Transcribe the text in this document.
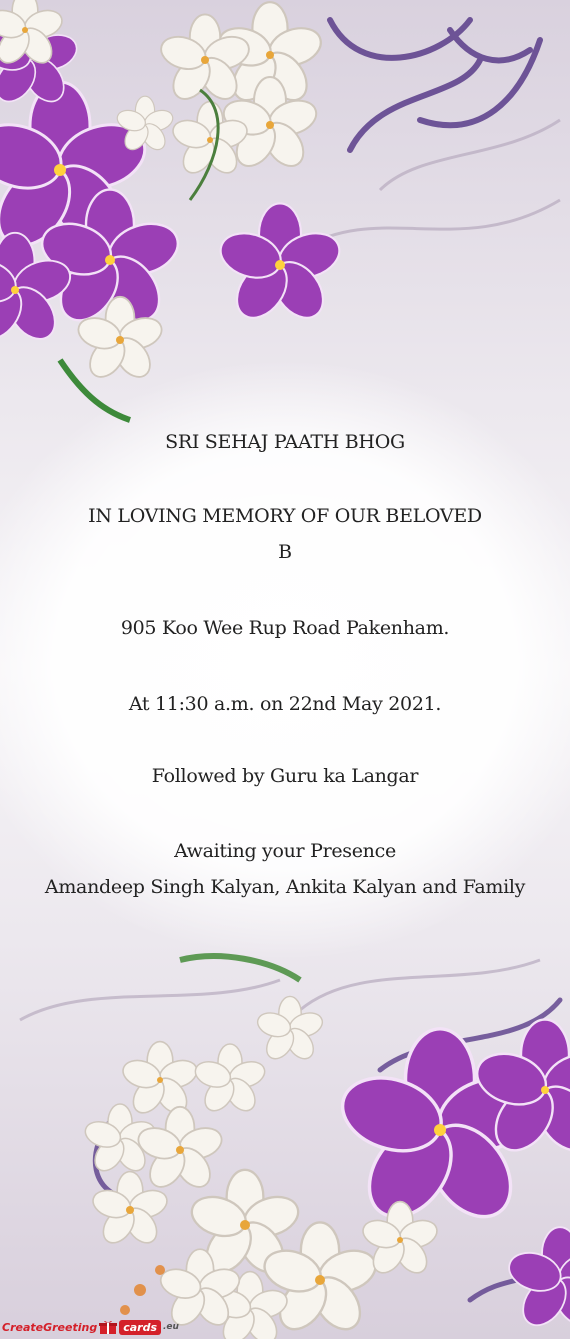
SRI SEHAJ PAATH BHOG
IN LOVING MEMORY OF OUR BELOVED
B
905 Koo Wee Rup Road Pakenham.
At 11:30 a.m. on 22nd May 2021.
Followed by Guru ka Langar
Awaiting your Presence
Amandeep Singh Kalyan, Ankita Kalyan and Family
CreateGreeting	cards .eu
